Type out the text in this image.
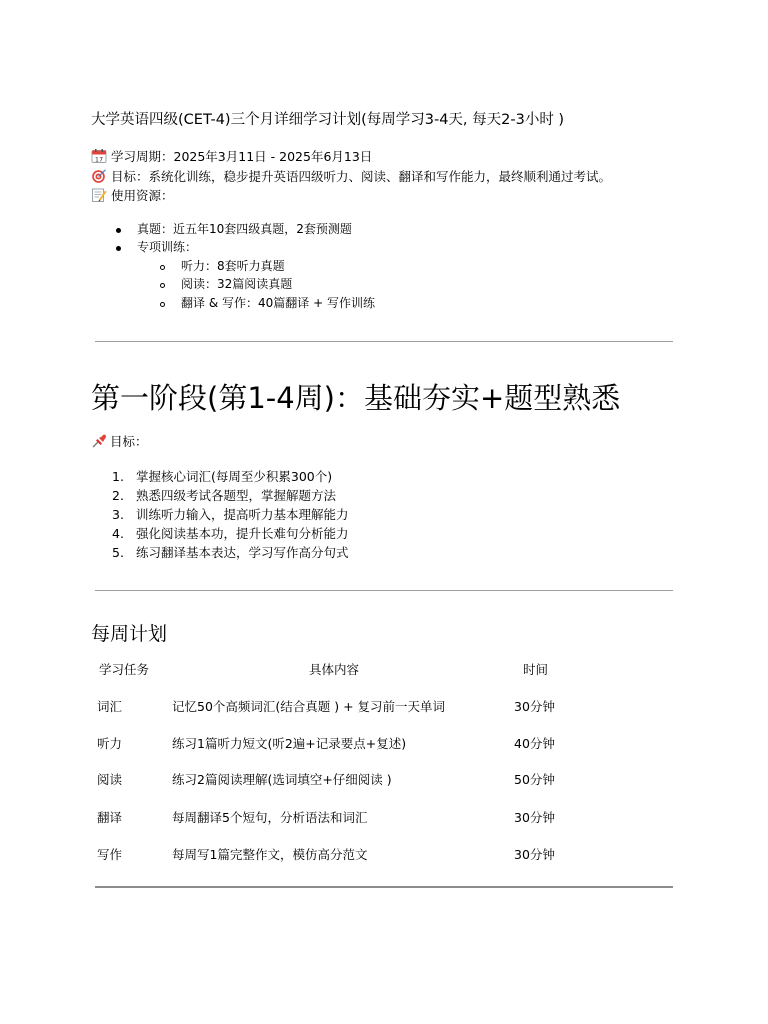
大学英语四级(CET-4)三个月详细学习计划(每周学习3-4天, 每天2-3小时 )
17 学习周期：2025年3月11日 - 2025年6月13日
目标：系统化训练，稳步提升英语四级听力、阅读、翻译和写作能力，最终顺利通过考试。
使用资源：
真题：近五年10套四级真题，2套预测题
专项训练：
听力：8套听力真题
阅读：32篇阅读真题
翻译 & 写作：40篇翻译 + 写作训练
第一阶段(第1-4周)：基础夯实+题型熟悉
目标：
1. 掌握核心词汇(每周至少积累300个)
2. 熟悉四级考试各题型，掌握解题方法
3. 训练听力输入，提高听力基本理解能力
4. 强化阅读基本功，提升长难句分析能力
5. 练习翻译基本表达，学习写作高分句式
每周计划
学习任务	具体内容	时间
词汇	记忆50个高频词汇(结合真题 ) + 复习前一天单词	30分钟
听力	练习1篇听力短文(听2遍+记录要点+复述)	40分钟
阅读	练习2篇阅读理解(选词填空+仔细阅读 )	50分钟
翻译	每周翻译5个短句，分析语法和词汇	30分钟
写作	每周写1篇完整作文，模仿高分范文	30分钟
